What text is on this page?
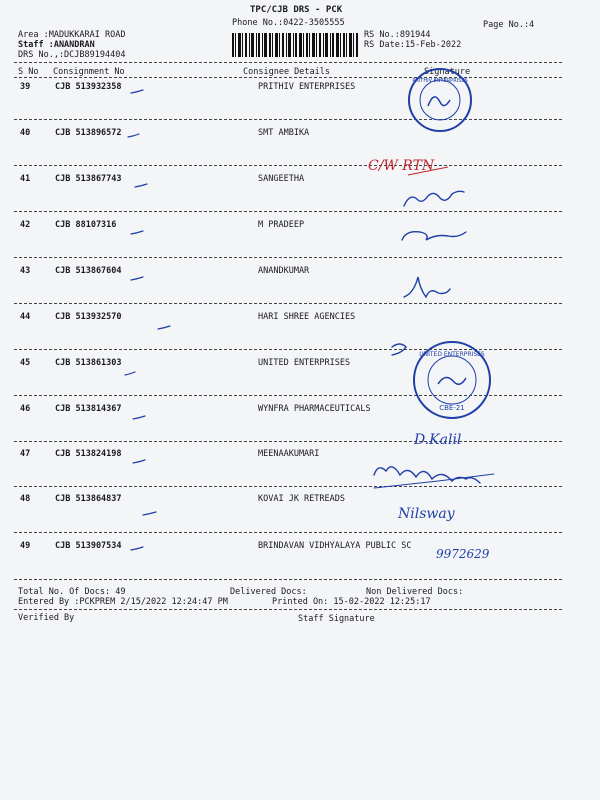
TPC/CJB DRS - PCK
Phone No.:0422-3505555	Page No.:4
RS No.:891944
RS Date:15-Feb-2022
Area :MADUKKARAI ROAD
Staff :ANANDRAN
DRS No.,:DCJB89194404
S No Consignment No	Consignee Details	Signature
39	CJB 513932358	PRITHIV ENTERPRISES
40	CJB 513896572	SMT AMBIKA
41	CJB 513867743	SANGEETHA
42	CJB 88107316	M PRADEEP
43	CJB 513867604	ANANDKUMAR
44	CJB 513932570	HARI SHREE AGENCIES
45	CJB 513861303	UNITED ENTERPRISES
46	CJB 513814367	WYNFRA PHARMACEUTICALS
47	CJB 513824198	MEENAAKUMARI
48	CJB 513864837	KOVAI JK RETREADS
49	CJB 513907534	BRINDAVAN VIDHYALAYA PUBLIC SC
Total No. Of Docs: 49	Delivered Docs:	Non Delivered Docs:
Entered By :PCKPREM 2/15/2022 12:24:47 PM	Printed On: 15-02-2022 12:25:17
Verified By	Staff Signature
C/W RTN
D.Kalil
Nilsway
9972629
PRITHIV ENTERPRISES
UNITED ENTERPRISES
CBE-21
